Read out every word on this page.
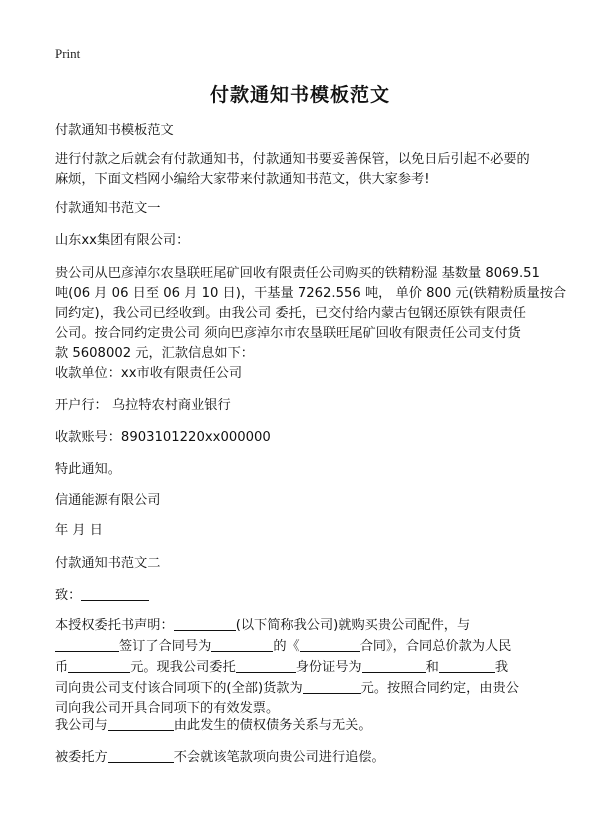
Print
付款通知书模板范文
付款通知书模板范文
进行付款之后就会有付款通知书，付款通知书要妥善保管，以免日后引起不必要的
麻烦，下面文档网小编给大家带来付款通知书范文，供大家参考!
付款通知书范文一
山东xx集团有限公司：
贵公司从巴彦淖尔农垦联旺尾矿回收有限责任公司购买的铁精粉湿 基数量 8069.51
吨(06 月 06 日至 06 月 10 日)，干基量 7262.556 吨， 单价 800 元(铁精粉质量按合
同约定)，我公司已经收到。由我公司 委托，已交付给内蒙古包钢还原铁有限责任
公司。按合同约定贵公司 须向巴彦淖尔市农垦联旺尾矿回收有限责任公司支付货
款 5608002 元，汇款信息如下：
收款单位：xx市收有限责任公司
开户行： 乌拉特农村商业银行
收款账号：8903101220xx000000
特此通知。
信通能源有限公司
年 月 日
付款通知书范文二
致：
本授权委托书声明：	(以下简称我公司)就购买贵公司配件，与
签订了合同号为	的《	合同》，合同总价款为人民
币	元。现我公司委托	身份证号为	和	我
司向贵公司支付该合同项下的(全部)货款为	元。按照合同约定，由贵公
司向我公司开具合同项下的有效发票。
我公司与	由此发生的债权债务关系与无关。
被委托方	不会就该笔款项向贵公司进行追偿。
